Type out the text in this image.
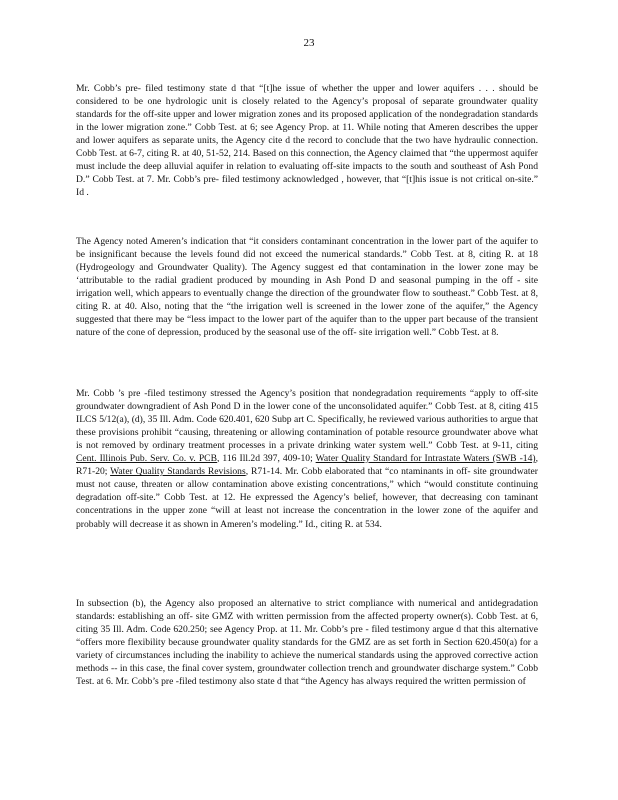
23

Mr. Cobb’s pre- filed testimony state d that “[t]he issue of whether the upper and lower aquifers . . . should be considered to be one hydrologic unit is closely related to the Agency’s proposal of separate groundwater quality standards for the off-site upper and lower migration zones and its proposed application of the nondegradation standards in the lower migration zone.” Cobb Test. at 6; see Agency Prop. at 11. While noting that Ameren describes the upper and lower aquifers as separate units, the Agency cite d the record to conclude that the two have hydraulic connection. Cobb Test. at 6-7, citing R. at 40, 51-52, 214. Based on this connection, the Agency claimed that “the uppermost aquifer must include the deep alluvial aquifer in relation to evaluating off-site impacts to the south and southeast of Ash Pond D.” Cobb Test. at 7. Mr. Cobb’s pre- filed testimony acknowledged , however, that “[t]his issue is not critical on-site.” Id .

The Agency noted Ameren’s indication that “it considers contaminant concentration in the lower part of the aquifer to be insignificant because the levels found did not exceed the numerical standards.” Cobb Test. at 8, citing R. at 18 (Hydrogeology and Groundwater Quality). The Agency suggest ed that contamination in the lower zone may be ‘attributable to the radial gradient produced by mounding in Ash Pond D and seasonal pumping in the off - site irrigation well, which appears to eventually change the direction of the groundwater flow to southeast.” Cobb Test. at 8, citing R. at 40. Also, noting that the “the irrigation well is screened in the lower zone of the aquifer,” the Agency suggested that there may be “less impact to the lower part of the aquifer than to the upper part because of the transient nature of the cone of depression, produced by the seasonal use of the off- site irrigation well.” Cobb Test. at 8.

Mr. Cobb ’s pre -filed testimony stressed the Agency’s position that nondegradation requirements “apply to off-site groundwater downgradient of Ash Pond D in the lower cone of the unconsolidated aquifer.” Cobb Test. at 8, citing 415 ILCS 5/12(a), (d), 35 Ill. Adm. Code 620.401, 620 Subp art C. Specifically, he reviewed various authorities to argue that these provisions prohibit “causing, threatening or allowing contamination of potable resource groundwater above what is not removed by ordinary treatment processes in a private drinking water system well.” Cobb Test. at 9-11, citing Cent. Illinois Pub. Serv. Co. v. PCB, 116 Ill.2d 397, 409-10; Water Quality Standard for Intrastate Waters (SWB -14), R71-20; Water Quality Standards Revisions, R71-14. Mr. Cobb elaborated that “co ntaminants in off- site groundwater must not cause, threaten or allow contamination above existing concentrations,” which “would constitute continuing degradation off-site.” Cobb Test. at 12. He expressed the Agency’s belief, however, that decreasing con taminant concentrations in the upper zone “will at least not increase the concentration in the lower zone of the aquifer and probably will decrease it as shown in Ameren’s modeling.” Id., citing R. at 534.

In subsection (b), the Agency also proposed an alternative to strict compliance with numerical and antidegradation standards: establishing an off- site GMZ with written permission from the affected property owner(s). Cobb Test. at 6, citing 35 Ill. Adm. Code 620.250; see Agency Prop. at 11. Mr. Cobb’s pre - filed testimony argue d that this alternative “offers more flexibility because groundwater quality standards for the GMZ are as set forth in Section 620.450(a) for a variety of circumstances including the inability to achieve the numerical standards using the approved corrective action methods -- in this case, the final cover system, groundwater collection trench and groundwater discharge system.” Cobb Test. at 6. Mr. Cobb’s pre -filed testimony also state d that “the Agency has always required the written permission of
